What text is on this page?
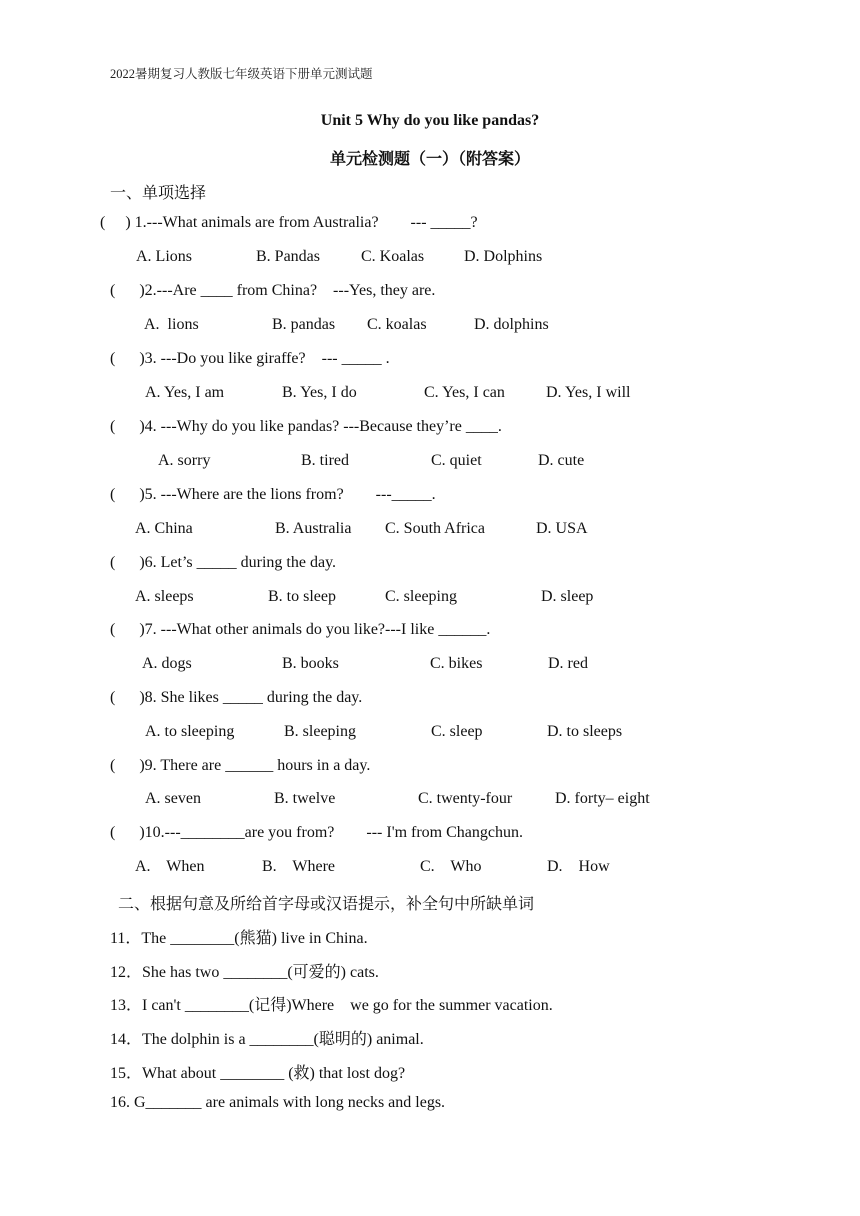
2022暑期复习人教版七年级英语下册单元测试题
Unit 5 Why do you like pandas?
单元检测题（一）（附答案）
一、单项选择
(     ) 1.---What animals are from Australia?        --- _____?
A. Lions	B. Pandas	C. Koalas D. Dolphins
(      )2.---Are ____ from China?    ---Yes, they are.
A.  lions	B. pandas C. koalas	D. dolphins
(      )3. ---Do you like giraffe?    --- _____ .
A. Yes, I am	B. Yes, I do	C. Yes, I can	D. Yes, I will
(      )4. ---Why do you like pandas? ---Because they’re ____.
A. sorry	B. tired	C. quiet	D. cute
(      )5. ---Where are the lions from?        ---_____.
A. China	B. Australia C. South Africa	D. USA
(      )6. Let’s _____ during the day.
A. sleeps	B. to sleep	C. sleeping	D. sleep
(      )7. ---What other animals do you like?---I like ______.
A. dogs	B. books	C. bikes	D. red
(      )8. She likes _____ during the day.
A. to sleeping	B. sleeping	C. sleep	D. to sleeps
(      )9. There are ______ hours in a day.
A. seven	B. twelve	C. twenty-four	D. forty– eight
(      )10.---________are you from?        --- I'm from Changchun.
A.    When	B.    Where	C.    Who	D.    How
二、根据句意及所给首字母或汉语提示，补全句中所缺单词
11．The ________(熊猫) live in China.
12．She has two ________(可爱的) cats.
13．I can't ________(记得)Where    we go for the summer vacation.
14．The dolphin is a ________(聪明的) animal.
15．What about ________ (救) that lost dog?
16. G_______ are animals with long necks and legs.
